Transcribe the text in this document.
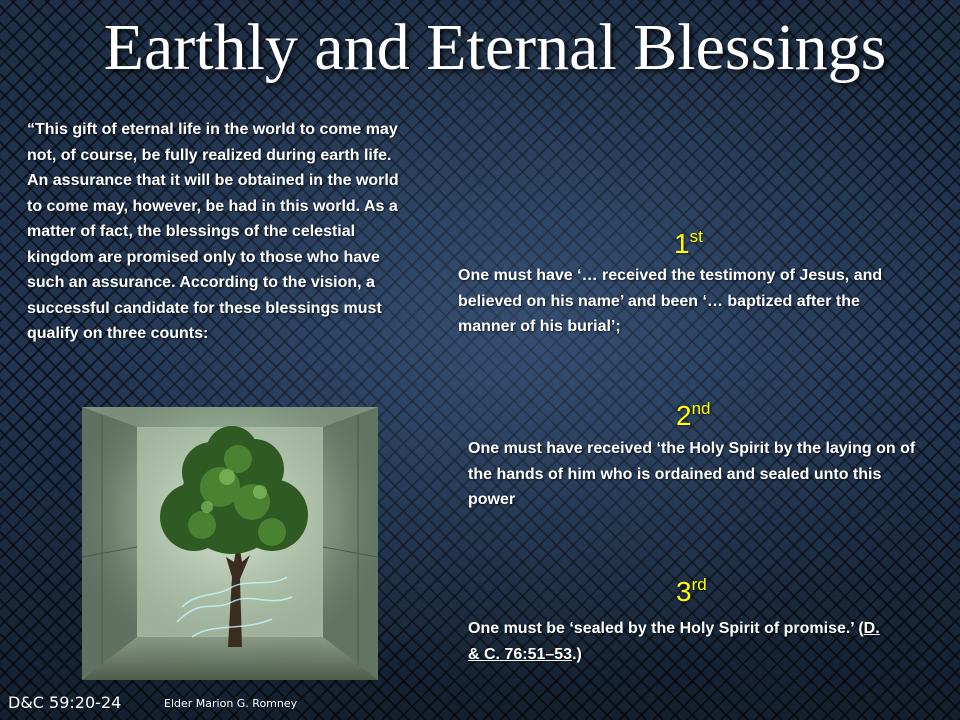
Earthly and Eternal Blessings
“This gift of eternal life in the world to come may not, of course, be fully realized during earth life. An assurance that it will be obtained in the world to come may, however, be had in this world. As a matter of fact, the blessings of the celestial kingdom are promised only to those who have such an assurance. According to the vision, a successful candidate for these blessings must qualify on three counts:
1st
One must have ‘… received the testimony of Jesus, and believed on his name’ and been ‘… baptized after the manner of his burial’;
2nd
One must have received ‘the Holy Spirit by the laying on of the hands of him who is ordained and sealed unto this power
3rd
One must be ‘sealed by the Holy Spirit of promise.’ (D. & C. 76:51–53.)
D&C 59:20-24	Elder Marion G. Romney
